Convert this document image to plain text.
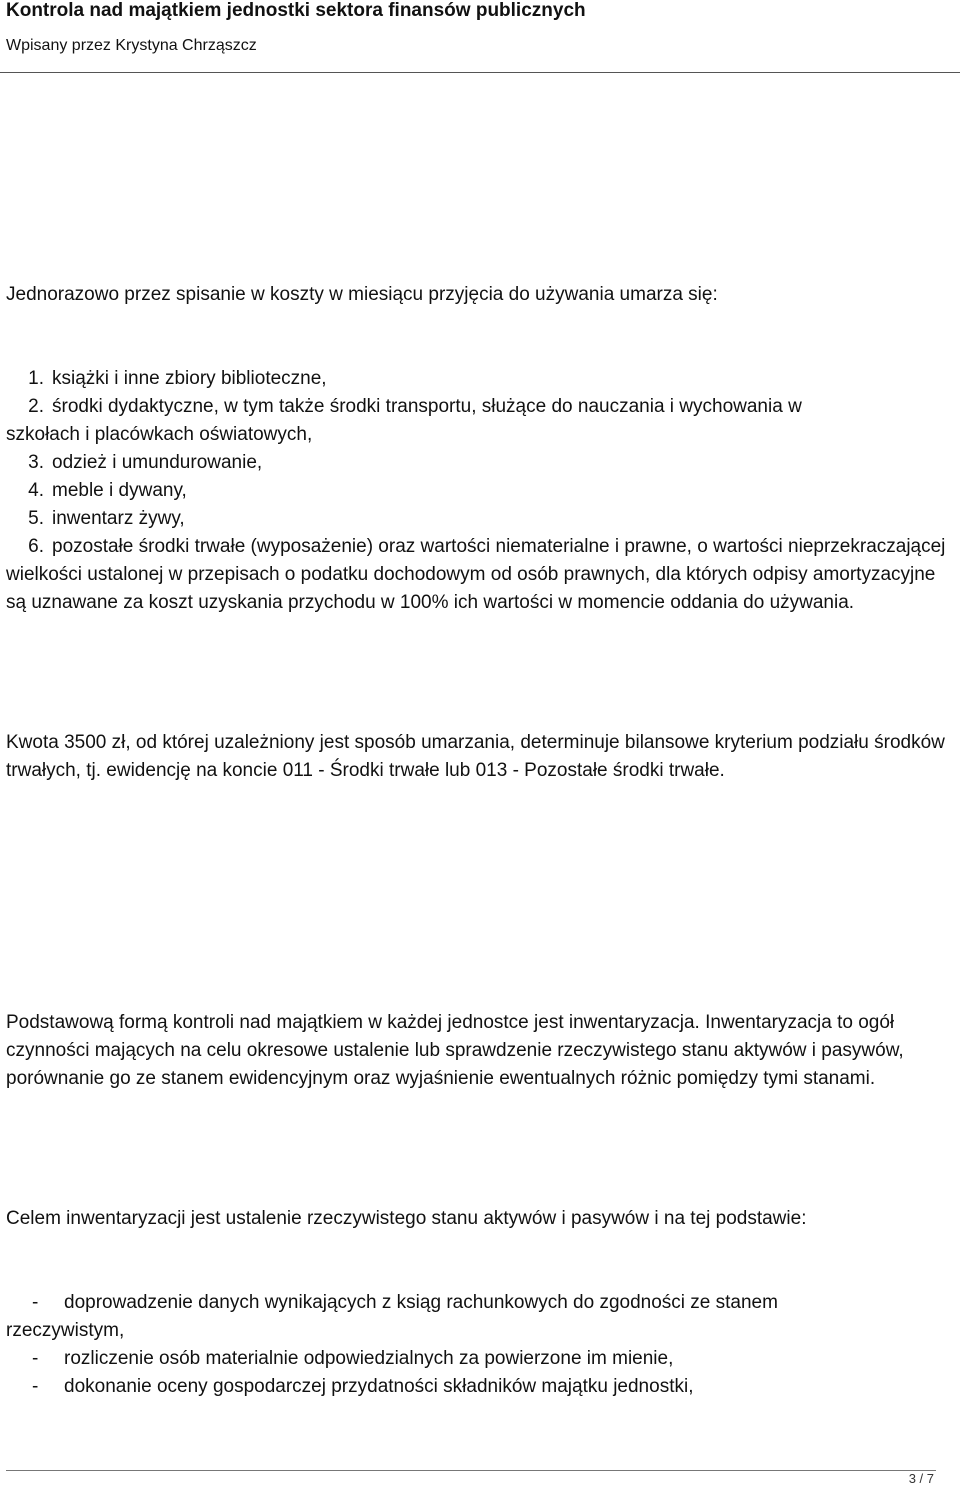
Kontrola nad majątkiem jednostki sektora finansów publicznych
Wpisany przez Krystyna Chrząszcz

Jednorazowo przez spisanie w koszty w miesiącu przyjęcia do używania umarza się:

1. książki i inne zbiory biblioteczne,
2. środki dydaktyczne, w tym także środki transportu, służące do nauczania i wychowania w
szkołach i placówkach oświatowych,
3. odzież i umundurowanie,
4. meble i dywany,
5. inwentarz żywy,
6. pozostałe środki trwałe (wyposażenie) oraz wartości niematerialne i prawne, o wartości nieprzekraczającej wielkości ustalonej w przepisach o podatku dochodowym od osób prawnych, dla których odpisy amortyzacyjne są uznawane za koszt uzyskania przychodu w 100% ich wartości w momencie oddania do używania.

Kwota 3500 zł, od której uzależniony jest sposób umarzania, determinuje bilansowe kryterium podziału środków trwałych, tj. ewidencję na koncie 011 - Środki trwałe lub 013 - Pozostałe środki trwałe.

Podstawową formą kontroli nad majątkiem w każdej jednostce jest inwentaryzacja. Inwentaryzacja to ogół czynności mających na celu okresowe ustalenie lub sprawdzenie rzeczywistego stanu aktywów i pasywów, porównanie go ze stanem ewidencyjnym oraz wyjaśnienie ewentualnych różnic pomiędzy tymi stanami.

Celem inwentaryzacji jest ustalenie rzeczywistego stanu aktywów i pasywów i na tej podstawie:

- doprowadzenie danych wynikających z ksiąg rachunkowych do zgodności ze stanem
rzeczywistym,
- rozliczenie osób materialnie odpowiedzialnych za powierzone im mienie,
- dokonanie oceny gospodarczej przydatności składników majątku jednostki,
3 / 7
